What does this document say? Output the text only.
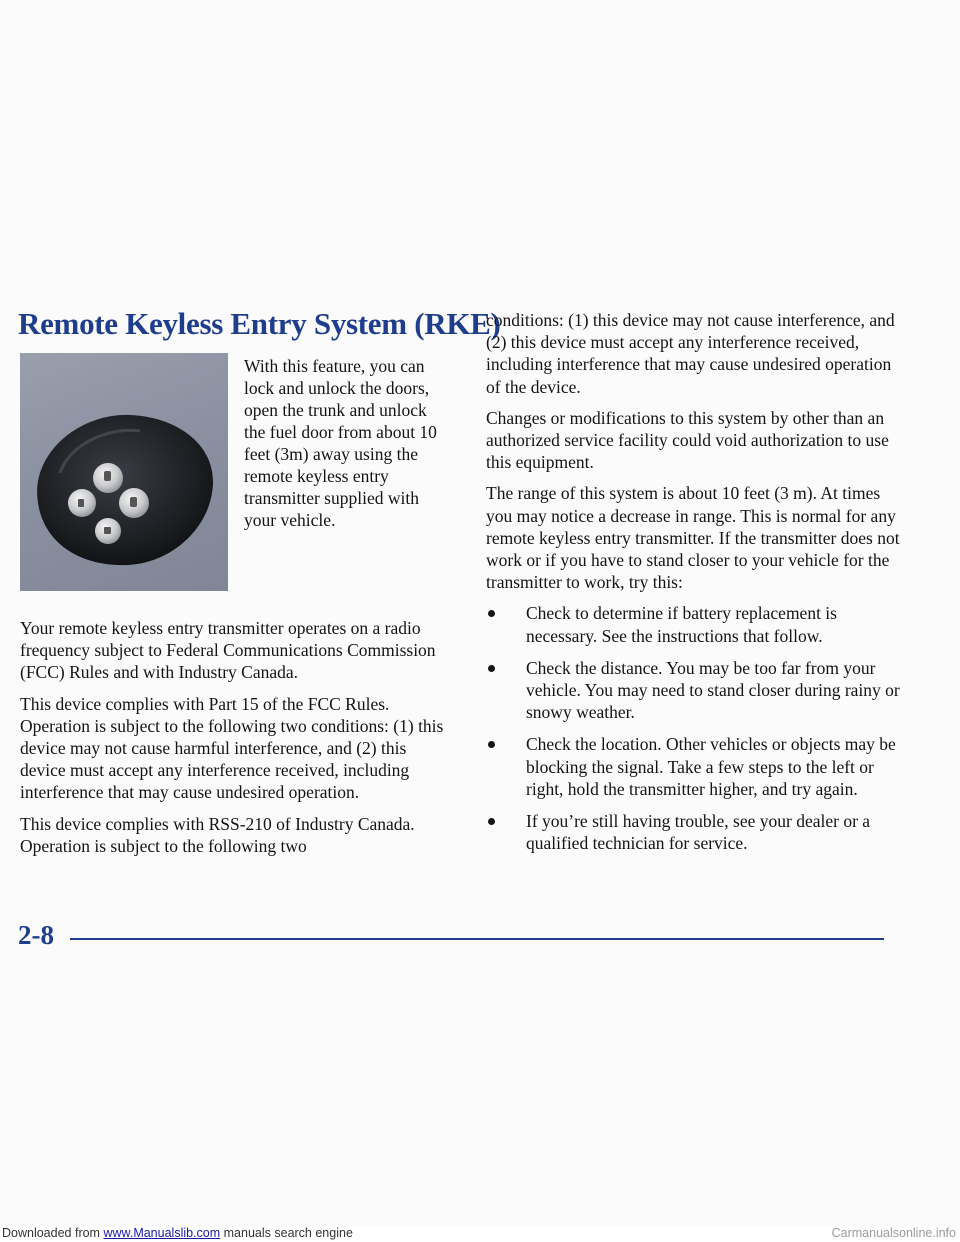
Remote Keyless Entry System (RKE)

With this feature, you can lock and unlock the doors, open the trunk and unlock the fuel door from about 10 feet (3m) away using the remote keyless entry transmitter supplied with your vehicle.

Your remote keyless entry transmitter operates on a radio frequency subject to Federal Communications Commission (FCC) Rules and with Industry Canada.

This device complies with Part 15 of the FCC Rules. Operation is subject to the following two conditions: (1) this device may not cause harmful interference, and (2) this device must accept any interference received, including interference that may cause undesired operation.

This device complies with RSS-210 of Industry Canada. Operation is subject to the following two

conditions: (1) this device may not cause interference, and (2) this device must accept any interference received, including interference that may cause undesired operation of the device.

Changes or modifications to this system by other than an authorized service facility could void authorization to use this equipment.

The range of this system is about 10 feet (3 m). At times you may notice a decrease in range. This is normal for any remote keyless entry transmitter. If the transmitter does not work or if you have to stand closer to your vehicle for the transmitter to work, try this:

Check to determine if battery replacement is necessary. See the instructions that follow.
Check the distance. You may be too far from your vehicle. You may need to stand closer during rainy or snowy weather.
Check the location. Other vehicles or objects may be blocking the signal. Take a few steps to the left or right, hold the transmitter higher, and try again.
If you’re still having trouble, see your dealer or a qualified technician for service.
2-8
Downloaded from www.Manualslib.com manuals search engine	Carmanualsonline.info
